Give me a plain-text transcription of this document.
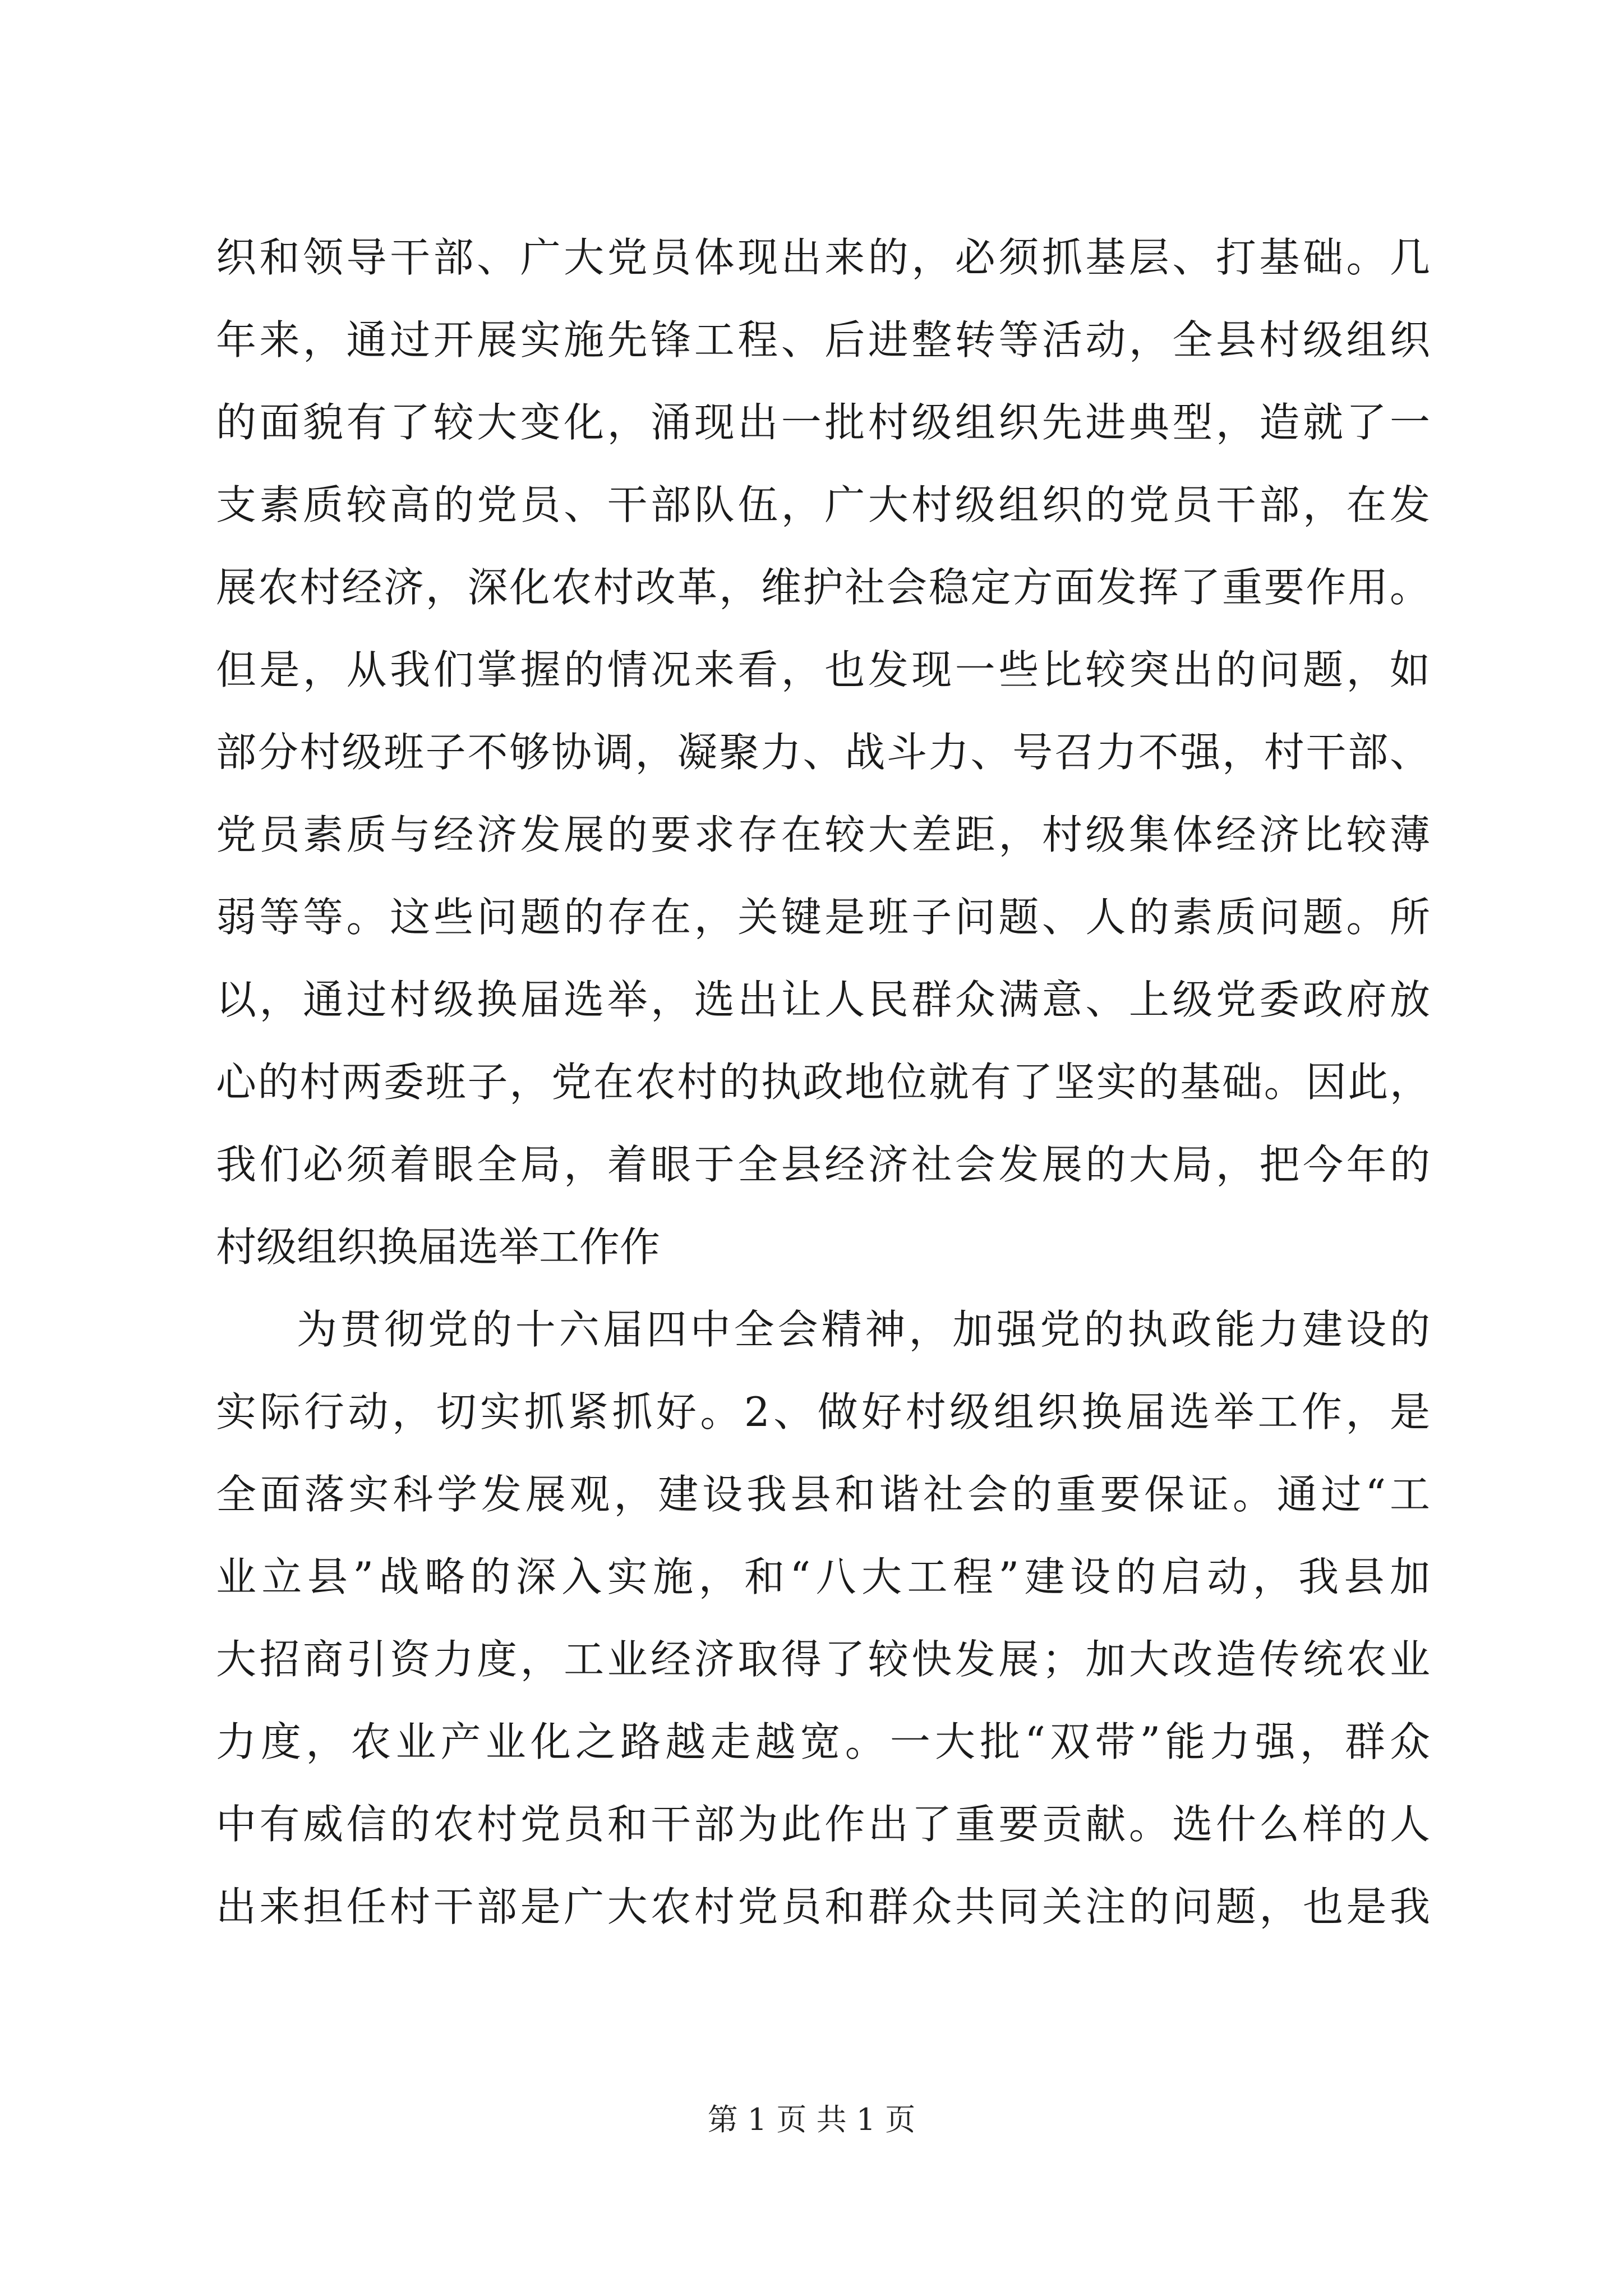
织和领导干部、广大党员体现出来的，必须抓基层、打基础。几
年来，通过开展实施先锋工程、后进整转等活动，全县村级组织
的面貌有了较大变化，涌现出一批村级组织先进典型，造就了一
支素质较高的党员、干部队伍，广大村级组织的党员干部，在发
展农村经济，深化农村改革，维护社会稳定方面发挥了重要作用。
但是，从我们掌握的情况来看，也发现一些比较突出的问题，如
部分村级班子不够协调，凝聚力、战斗力、号召力不强，村干部、
党员素质与经济发展的要求存在较大差距，村级集体经济比较薄
弱等等。这些问题的存在，关键是班子问题、人的素质问题。所
以，通过村级换届选举，选出让人民群众满意、上级党委政府放
心的村两委班子，党在农村的执政地位就有了坚实的基础。因此，
我们必须着眼全局，着眼于全县经济社会发展的大局，把今年的
村级组织换届选举工作作
为贯彻党的十六届四中全会精神，加强党的执政能力建设的
实际行动，切实抓紧抓好。2、做好村级组织换届选举工作，是
全面落实科学发展观，建设我县和谐社会的重要保证。通过“工
业立县”战略的深入实施，和“八大工程”建设的启动，我县加
大招商引资力度，工业经济取得了较快发展；加大改造传统农业
力度，农业产业化之路越走越宽。一大批“双带”能力强，群众
中有威信的农村党员和干部为此作出了重要贡献。选什么样的人
出来担任村干部是广大农村党员和群众共同关注的问题，也是我
第 1 页 共 1 页
